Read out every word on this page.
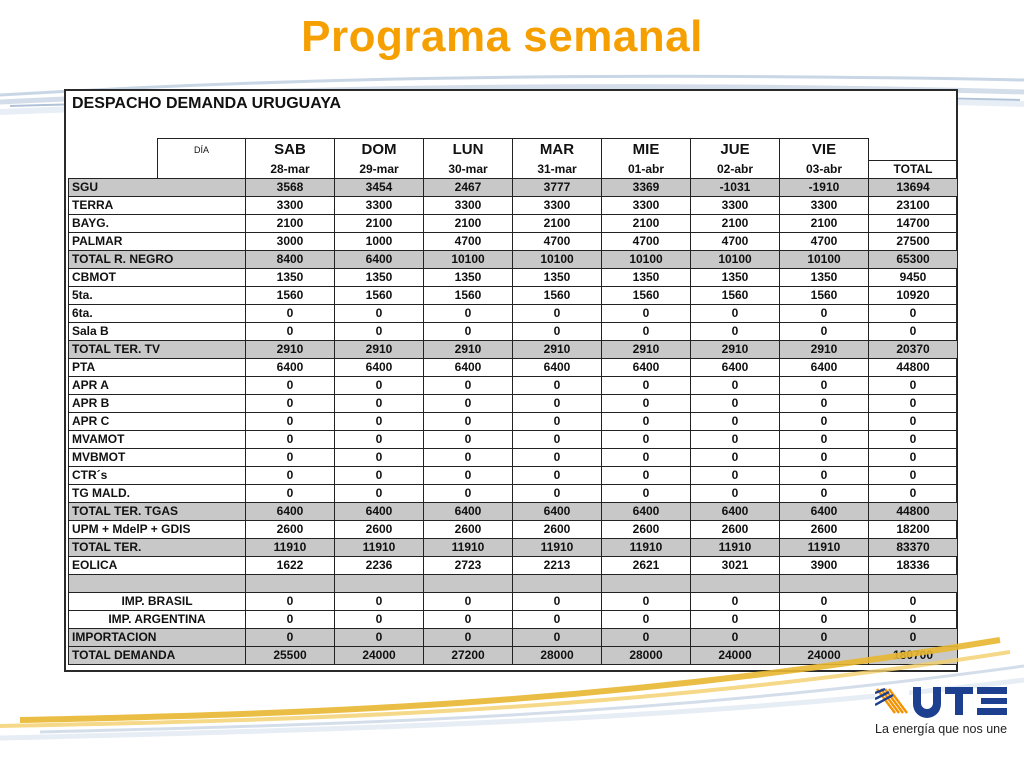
Programa semanal
DESPACHO DEMANDA URUGUAYA
	DÍA	SAB	DOM	LUN	MAR	MIE	JUE	VIE	
		28-mar	29-mar	30-mar	31-mar	01-abr	02-abr	03-abr	TOTAL
SGU		3568	3454	2467	3777	3369	-1031	-1910	13694
TERRA		3300	3300	3300	3300	3300	3300	3300	23100
BAYG.		2100	2100	2100	2100	2100	2100	2100	14700
PALMAR		3000	1000	4700	4700	4700	4700	4700	27500
TOTAL R. NEGRO		8400	6400	10100	10100	10100	10100	10100	65300
CBMOT		1350	1350	1350	1350	1350	1350	1350	9450
5ta.		1560	1560	1560	1560	1560	1560	1560	10920
6ta.		0	0	0	0	0	0	0	0
Sala B		0	0	0	0	0	0	0	0
TOTAL TER. TV		2910	2910	2910	2910	2910	2910	2910	20370
PTA		6400	6400	6400	6400	6400	6400	6400	44800
APR A		0	0	0	0	0	0	0	0
APR B		0	0	0	0	0	0	0	0
APR C		0	0	0	0	0	0	0	0
MVAMOT		0	0	0	0	0	0	0	0
MVBMOT		0	0	0	0	0	0	0	0
CTR´s		0	0	0	0	0	0	0	0
TG MALD.		0	0	0	0	0	0	0	0
TOTAL TER. TGAS		6400	6400	6400	6400	6400	6400	6400	44800
UPM + MdelP + GDIS		2600	2600	2600	2600	2600	2600	2600	18200
TOTAL TER.		11910	11910	11910	11910	11910	11910	11910	83370
EOLICA		1622	2236	2723	2213	2621	3021	3900	18336

IMP. BRASIL		0	0	0	0	0	0	0	0
IMP. ARGENTINA		0	0	0	0	0	0	0	0
IMPORTACION		0	0	0	0	0	0	0	0
TOTAL DEMANDA		25500	24000	27200	28000	28000	24000	24000	180700
La energía que nos une
